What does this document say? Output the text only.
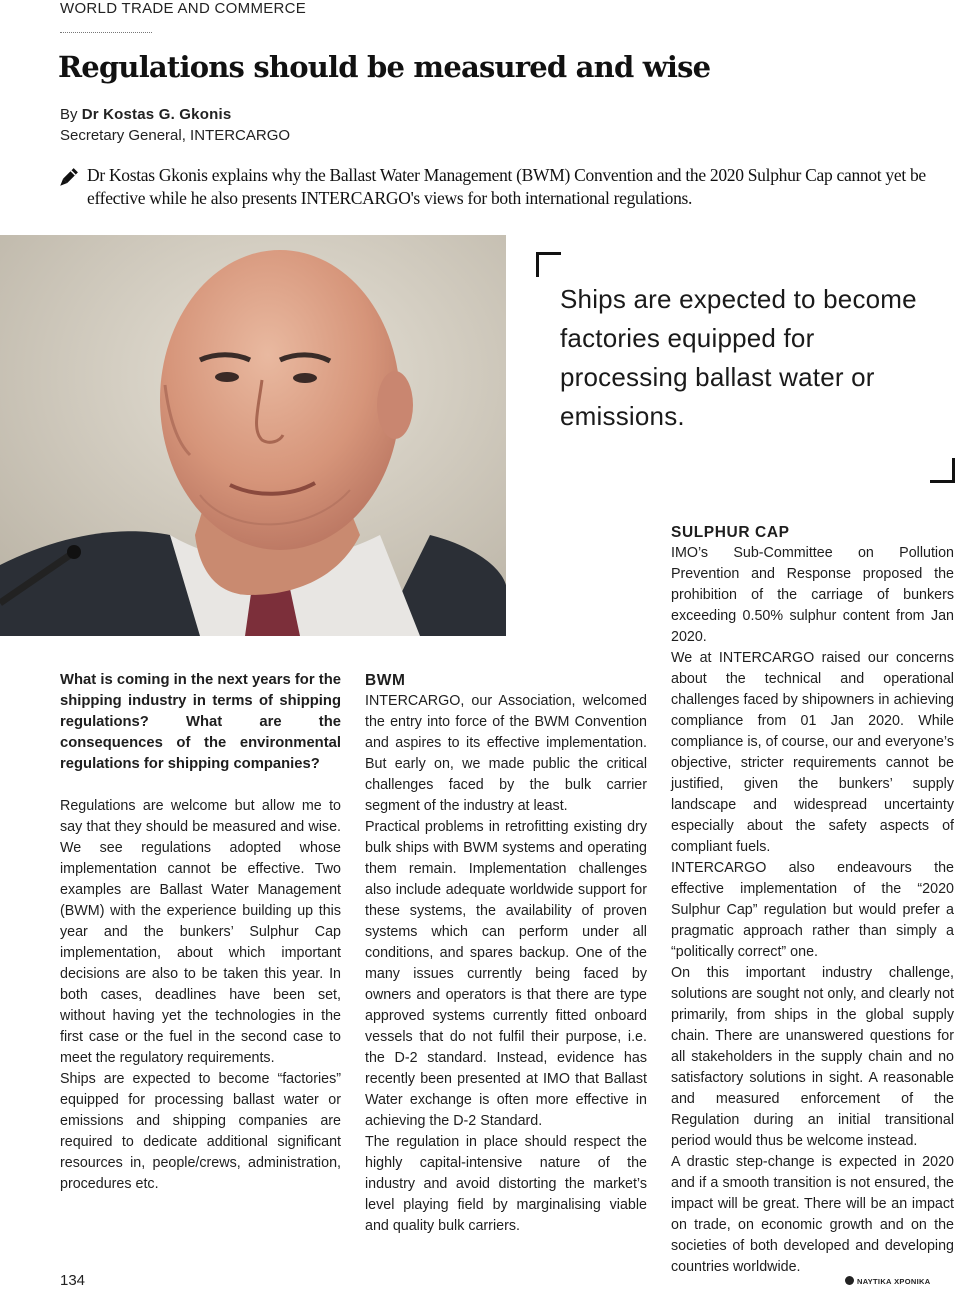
WORLD TRADE AND COMMERCE
Regulations should be measured and wise
By Dr Kostas G. Gkonis
Secretary General, INTERCARGO
Dr Kostas Gkonis explains why the Ballast Water Management (BWM) Convention and the 2020 Sulphur Cap cannot yet be effective while he also presents INTERCARGO's views for both international regulations.
Ships are expected to become factories equipped for processing ballast water or emissions.

What is coming in the next years for the shipping industry in terms of shipping regulations? What are the consequences of the environmental regulations for shipping companies?

Regulations are welcome but allow me to say that they should be measured and wise. We see regulations adopted whose implementation cannot be effective. Two examples are Ballast Water Management (BWM) with the experience building up this year and the bunkers’ Sulphur Cap implementation, about which important decisions are also to be taken this year. In both cases, deadlines have been set, without having yet the technologies in the first case or the fuel in the second case to meet the regulatory requirements.

Ships are expected to become “factories” equipped for processing ballast water or emissions and shipping companies are required to dedicate additional significant resources in, people/crews, administration, procedures etc.

BWM

INTERCARGO, our Association, welcomed the entry into force of the BWM Convention and aspires to its effective implementation. But early on, we made public the critical challenges faced by the bulk carrier segment of the industry at least.

Practical problems in retrofitting existing dry bulk ships with BWM systems and operating them remain. Implementation challenges also include adequate worldwide support for these systems, the availability of proven systems which can perform under all conditions, and spares backup. One of the many issues currently being faced by owners and operators is that there are type approved systems currently fitted onboard vessels that do not fulfil their purpose, i.e. the D-2 standard. Instead, evidence has recently been presented at IMO that Ballast Water exchange is often more effective in achieving the D-2 Standard.

The regulation in place should respect the highly capital-intensive nature of the industry and avoid distorting the market’s level playing field by marginalising viable and quality bulk carriers.

SULPHUR CAP

IMO’s Sub-Committee on Pollution Prevention and Response proposed the prohibition of the carriage of bunkers exceeding 0.50% sulphur content from Jan 2020.

We at INTERCARGO raised our concerns about the technical and operational challenges faced by shipowners in achieving compliance from 01 Jan 2020. While compliance is, of course, our and everyone’s objective, stricter requirements cannot be justified, given the bunkers’ supply landscape and widespread uncertainty especially about the safety aspects of compliant fuels.

INTERCARGO also endeavours the effective implementation of the “2020 Sulphur Cap” regulation but would prefer a pragmatic approach rather than simply a “politically correct” one.

On this important industry challenge, solutions are sought not only, and clearly not primarily, from ships in the global supply chain. There are unanswered questions for all stakeholders in the supply chain and no satisfactory solutions in sight. A reasonable and measured enforcement of the Regulation during an initial transitional period would thus be welcome instead.

A drastic step-change is expected in 2020 and if a smooth transition is not ensured, the impact will be great. There will be an impact on trade, on economic growth and on the societies of both developed and developing countries worldwide.

134	ΝΑΥΤΙΚΑ ΧΡΟΝΙΚΑ
